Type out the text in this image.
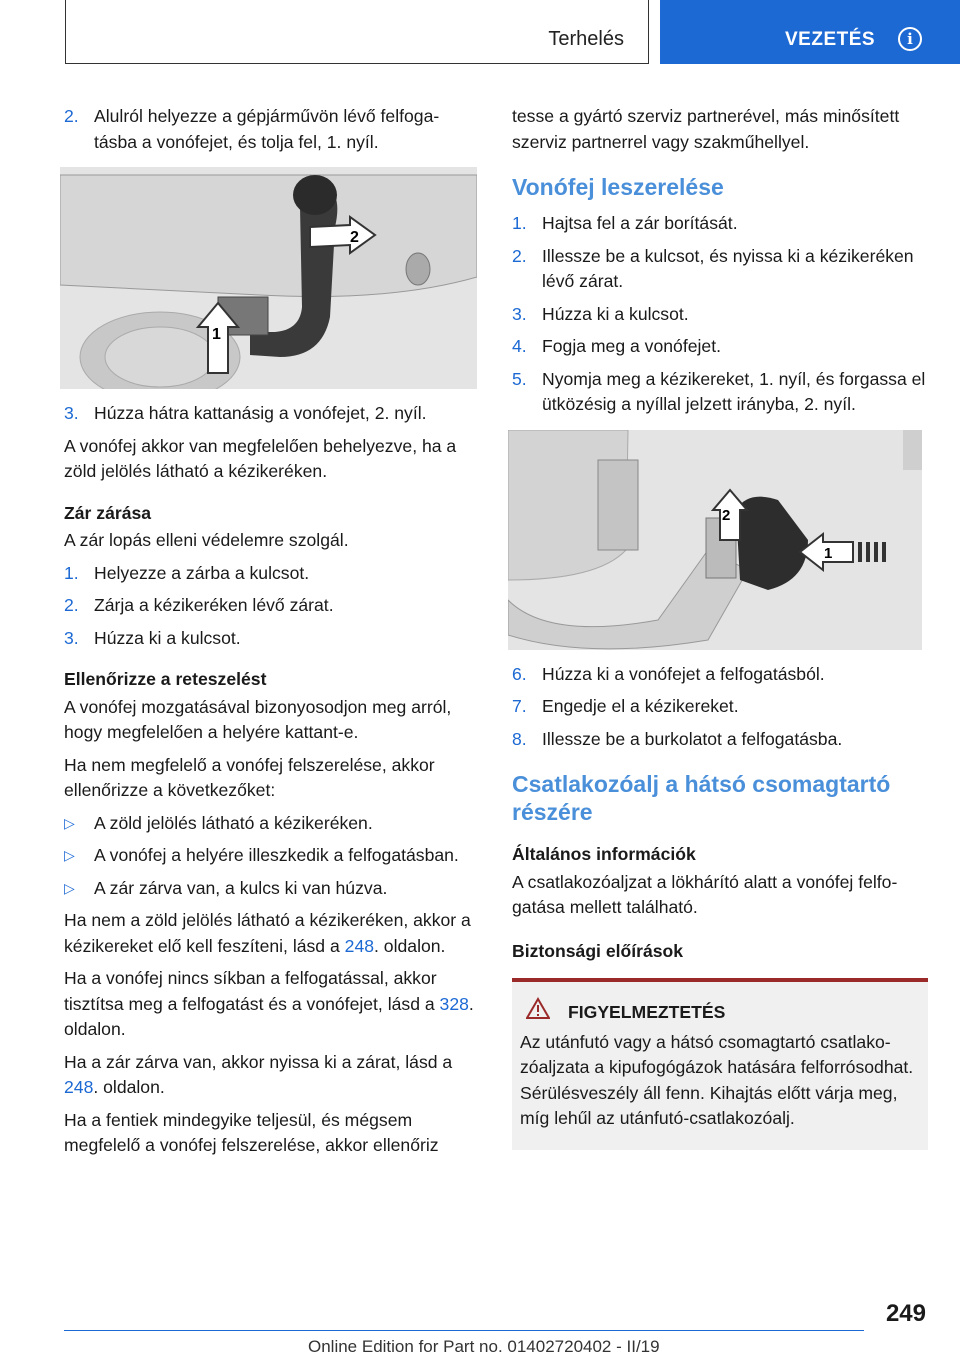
Terhelés	VEZETÉS	i
2. Alulról helyezze a gépjárművön lévő felfogatásba a vonófejet, és tolja fel, 1. nyíl.
1
2
3. Húzza hátra kattanásig a vonófejet, 2. nyíl.

A vonófej akkor van megfelelően behelyezve, ha a zöld jelölés látható a kézikeréken.

Zár zárása

A zár lopás elleni védelemre szolgál.

1. Helyezze a zárba a kulcsot.
2. Zárja a kézikeréken lévő zárat.
3. Húzza ki a kulcsot.
Ellenőrizze a reteszelést

A vonófej mozgatásával bizonyosodjon meg arról, hogy megfelelően a helyére kattant-e.

Ha nem megfelelő a vonófej felszerelése, akkor ellenőrizze a következőket:

▷ A zöld jelölés látható a kézikeréken.
▷ A vonófej a helyére illeszkedik a felfogatásban.
▷ A zár zárva van, a kulcs ki van húzva.

Ha nem a zöld jelölés látható a kézikeréken, akkor a kézikereket elő kell feszíteni, lásd a 248. oldalon.

Ha a vonófej nincs síkban a felfogatással, akkor tisztítsa meg a felfogatást és a vonófejet, lásd a 328. oldalon.

Ha a zár zárva van, akkor nyissa ki a zárat, lásd a 248. oldalon.

Ha a fentiek mindegyike teljesül, és mégsem megfelelő a vonófej felszerelése, akkor ellenőriz

tesse a gyártó szerviz partnerével, más minősített szerviz partnerrel vagy szakműhellyel.

Vonófej leszerelése
1. Hajtsa fel a zár borítását.
2. Illessze be a kulcsot, és nyissa ki a kézikeréken lévő zárat.
3. Húzza ki a kulcsot.
4. Fogja meg a vonófejet.
5. Nyomja meg a kézikereket, 1. nyíl, és forgassa el ütközésig a nyíllal jelzett irányba, 2. nyíl.
2
1
6. Húzza ki a vonófejet a felfogatásból.
7. Engedje el a kézikereket.
8. Illessze be a burkolatot a felfogatásba.
Csatlakozóalj a hátsó csomagtartó részére
Általános információk

A csatlakozóaljzat a lökhárító alatt a vonófej felfogatása mellett található.

Biztonsági előírások
FIGYELMEZTETÉS
Az utánfutó vagy a hátsó csomagtartó csatlakozóaljzata a kipufogógázok hatására felforrósodhat. Sérülésveszély áll fenn. Kihajtás előtt várja meg, míg lehűl az utánfutó-csatlakozóalj.
249
Online Edition for Part no. 01402720402 - II/19
